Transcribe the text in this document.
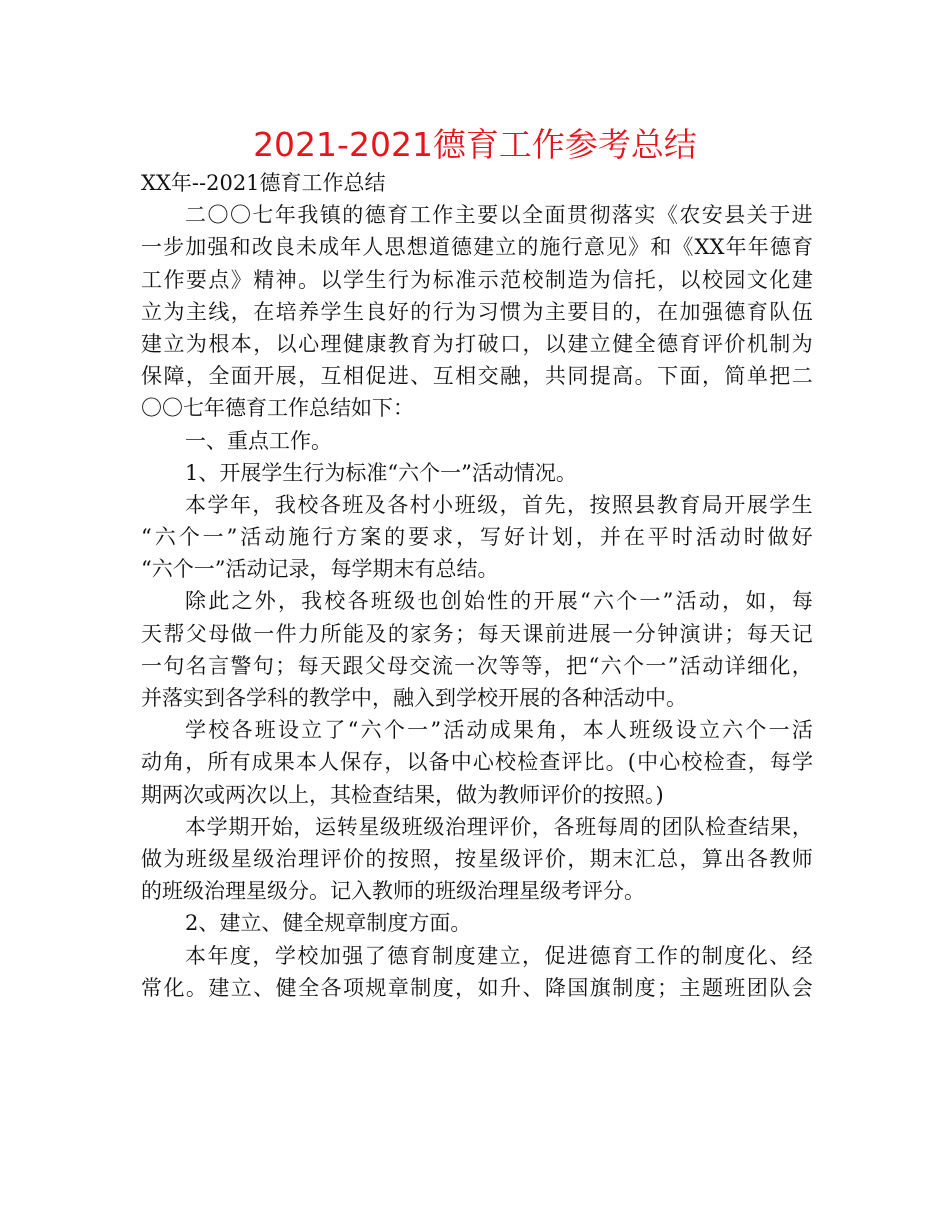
2021-2021德育工作参考总结
XX年--2021德育工作总结
二 〇 〇 七 年 我 镇 的 德 育 工 作 主 要 以 全 面 贯 彻 落 实 《 农 安 县 关 于 进
一 步 加 强 和 改 良 未 成 年 人 思 想 道 德 建 立 的 施 行 意 见 》 和 《 XX 年 年 德 育
工 作 要 点 》 精 神 。 以 学 生 行 为 标 准 示 范 校 制 造 为 信 托 ， 以 校 园 文 化 建
立 为 主 线 ， 在 培 养 学 生 良 好 的 行 为 习 惯 为 主 要 目 的 ， 在 加 强 德 育 队 伍
建 立 为 根 本 ， 以 心 理 健 康 教 育 为 打 破 口 ， 以 建 立 健 全 德 育 评 价 机 制 为
保 障 ， 全 面 开 展 ， 互 相 促 进 、 互 相 交 融 ， 共 同 提 高 。 下 面 ， 简 单 把 二
〇〇七年德育工作总结如下：
一、重点工作。
1、开展学生行为标准“六个一”活动情况。
本 学 年 ， 我 校 各 班 及 各 村 小 班 级 ， 首 先 ， 按 照 县 教 育 局 开 展 学 生
“ 六 个 一 ” 活 动 施 行 方 案 的 要 求 ， 写 好 计 划 ， 并 在 平 时 活 动 时 做 好
“六个一”活动记录，每学期末有总结。
除 此 之 外 ， 我 校 各 班 级 也 创 始 性 的 开 展 “ 六 个 一 ” 活 动 ， 如 ， 每
天 帮 父 母 做 一 件 力 所 能 及 的 家 务 ； 每 天 课 前 进 展 一 分 钟 演 讲 ； 每 天 记
一 句 名 言 警 句 ； 每 天 跟 父 母 交 流 一 次 等 等 ， 把 “ 六 个 一 ” 活 动 详 细 化 ，
并落实到各学科的教学中，融入到学校开展的各种活动中。
学 校 各 班 设 立 了 “ 六 个 一 ” 活 动 成 果 角 ， 本 人 班 级 设 立 六 个 一 活
动 角 ， 所 有 成 果 本 人 保 存 ， 以 备 中 心 校 检 查 评 比 。 ( 中 心 校 检 查 ， 每 学
期两次或两次以上，其检查结果，做为教师评价的按照。)
本 学 期 开 始 ， 运 转 星 级 班 级 治 理 评 价 ， 各 班 每 周 的 团 队 检 查 结 果 ，
做 为 班 级 星 级 治 理 评 价 的 按 照 ， 按 星 级 评 价 ， 期 末 汇 总 ， 算 出 各 教 师
的班级治理星级分。记入教师的班级治理星级考评分。
2、建立、健全规章制度方面。
本 年 度 ， 学 校 加 强 了 德 育 制 度 建 立 ， 促 进 德 育 工 作 的 制 度 化 、 经
常 化 。 建 立 、 健 全 各 项 规 章 制 度 ， 如 升 、 降 国 旗 制 度 ； 主 题 班 团 队 会
